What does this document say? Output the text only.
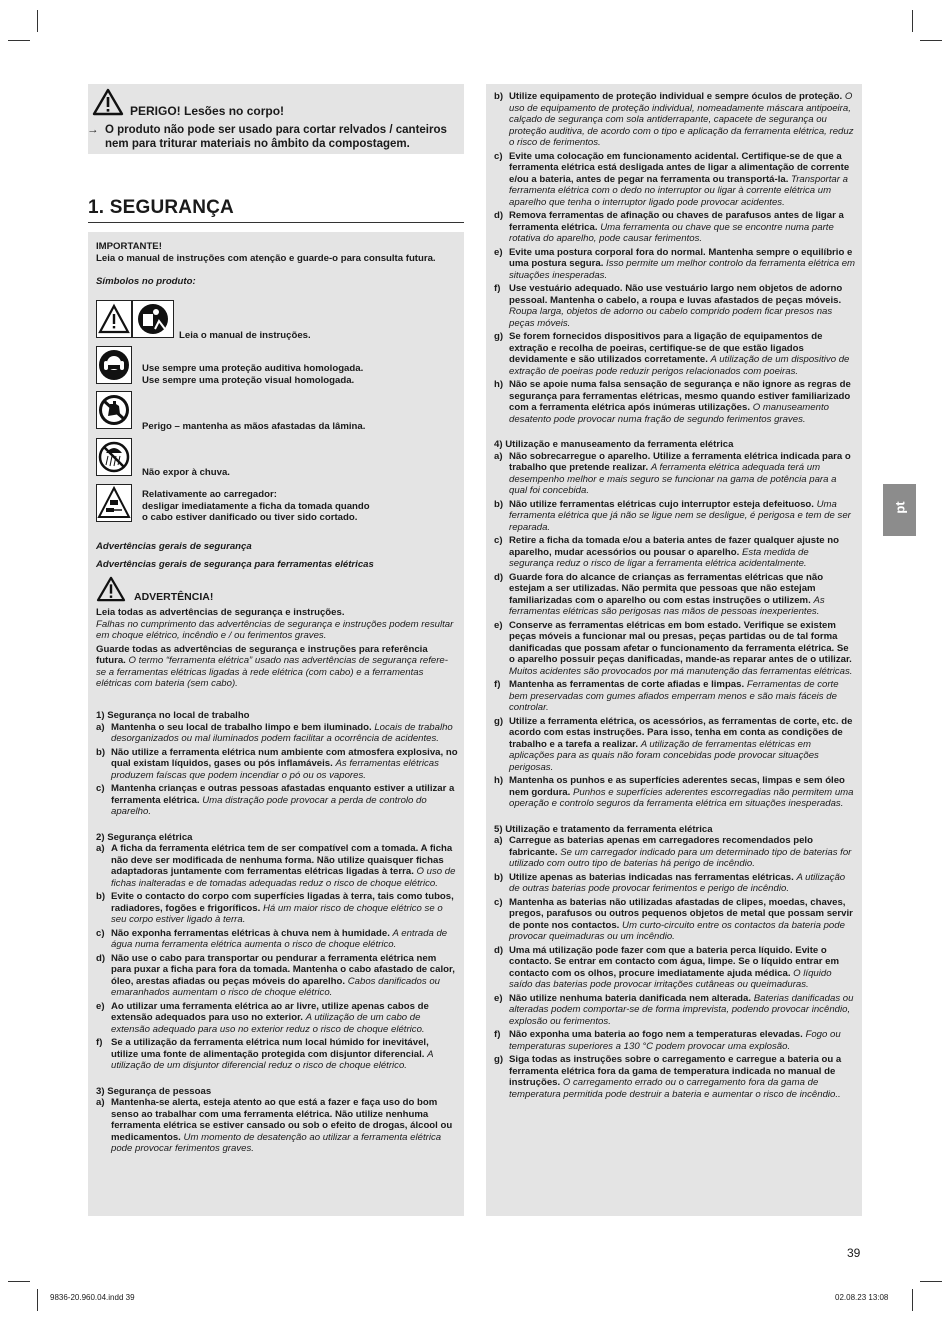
PERIGO! Lesões no corpo!
→ O produto não pode ser usado para cortar relvados / canteiros nem para triturar materiais no âmbito da compostagem.
1. SEGURANÇA

IMPORTANTE!

Leia o manual de instruções com atenção e guarde-o para consulta futura.

Símbolos no produto:

Leia o manual de instruções.
Use sempre uma proteção auditiva homologada.
Use sempre uma proteção visual homologada.
Perigo – mantenha as mãos afastadas da lâmina.
Não expor à chuva.
Relativamente ao carregador:
desligar imediatamente a ficha da tomada quando
o cabo estiver danificado ou tiver sido cortado.

Advertências gerais de segurança

Advertências gerais de segurança para ferramentas elétricas

ADVERTÊNCIA!

Leia todas as advertências de segurança e instruções.

Falhas no cumprimento das advertências de segurança e instruções podem resultar em choque elétrico, incêndio e / ou ferimentos graves.

Guarde todas as advertências de segurança e instruções para referência futura. O termo “ferramenta elétrica” usado nas advertências de segurança refere-se a ferramentas elétricas ligadas à rede elétrica (com cabo) e a ferramentas elétricas com bateria (sem cabo).

1) Segurança no local de trabalho

a) Mantenha o seu local de trabalho limpo e bem iluminado. Locais de trabalho desorganizados ou mal iluminados podem facilitar a ocorrência de acidentes.

b) Não utilize a ferramenta elétrica num ambiente com atmosfera explosiva, no qual existam líquidos, gases ou pós inflamáveis. As ferramentas elétricas produzem faíscas que podem incendiar o pó ou os vapores.

c) Mantenha crianças e outras pessoas afastadas enquanto estiver a utilizar a ferramenta elétrica. Uma distração pode provocar a perda de controlo do aparelho.

2) Segurança elétrica

a) A ficha da ferramenta elétrica tem de ser compatível com a tomada. A ficha não deve ser modificada de nenhuma forma. Não utilize quaisquer fichas adaptadoras juntamente com ferramentas elétricas ligadas à terra. O uso de fichas inalteradas e de tomadas adequadas reduz o risco de choque elétrico.

b) Evite o contacto do corpo com superfícies ligadas à terra, tais como tubos, radiadores, fogões e frigoríficos. Há um maior risco de choque elétrico se o seu corpo estiver ligado à terra.

c) Não exponha ferramentas elétricas à chuva nem à humidade. A entrada de água numa ferramenta elétrica aumenta o risco de choque elétrico.

d) Não use o cabo para transportar ou pendurar a ferramenta elétrica nem para puxar a ficha para fora da tomada. Mantenha o cabo afastado de calor, óleo, arestas afiadas ou peças móveis do aparelho. Cabos danificados ou emaranhados aumentam o risco de choque elétrico.

e) Ao utilizar uma ferramenta elétrica ao ar livre, utilize apenas cabos de extensão adequados para uso no exterior. A utilização de um cabo de extensão adequado para uso no exterior reduz o risco de choque elétrico.

f) Se a utilização da ferramenta elétrica num local húmido for inevitável, utilize uma fonte de alimentação protegida com disjuntor diferencial. A utilização de um disjuntor diferencial reduz o risco de choque elétrico.

3) Segurança de pessoas

a) Mantenha-se alerta, esteja atento ao que está a fazer e faça uso do bom senso ao trabalhar com uma ferramenta elétrica. Não utilize nenhuma ferramenta elétrica se estiver cansado ou sob o efeito de drogas, álcool ou medicamentos. Um momento de desatenção ao utilizar a ferramenta elétrica pode provocar ferimentos graves.

b) Utilize equipamento de proteção individual e sempre óculos de proteção. O uso de equipamento de proteção individual, nomeadamente máscara antipoeira, calçado de segurança com sola antiderrapante, capacete de segurança ou proteção auditiva, de acordo com o tipo e aplicação da ferramenta elétrica, reduz o risco de ferimentos.

c) Evite uma colocação em funcionamento acidental. Certifique-se de que a ferramenta elétrica está desligada antes de ligar a alimentação de corrente e/ou a bateria, antes de pegar na ferramenta ou transportá-la. Transportar a ferramenta elétrica com o dedo no interruptor ou ligar à corrente elétrica um aparelho que tenha o interruptor ligado pode provocar acidentes.

d) Remova ferramentas de afinação ou chaves de parafusos antes de ligar a ferramenta elétrica. Uma ferramenta ou chave que se encontre numa parte rotativa do aparelho, pode causar ferimentos.

e) Evite uma postura corporal fora do normal. Mantenha sempre o equilíbrio e uma postura segura. Isso permite um melhor controlo da ferramenta elétrica em situações inesperadas.

f) Use vestuário adequado. Não use vestuário largo nem objetos de adorno pessoal. Mantenha o cabelo, a roupa e luvas afastados de peças móveis. Roupa larga, objetos de adorno ou cabelo comprido podem ficar presos nas peças móveis.

g) Se forem fornecidos dispositivos para a ligação de equipamentos de extração e recolha de poeiras, certifique-se de que estão ligados devidamente e são utilizados corretamente. A utilização de um dispositivo de extração de poeiras pode reduzir perigos relacionados com poeiras.

h) Não se apoie numa falsa sensação de segurança e não ignore as regras de segurança para ferramentas elétricas, mesmo quando estiver familiarizado com a ferramenta elétrica após inúmeras utilizações. O manuseamento desatento pode provocar numa fração de segundo ferimentos graves.

4) Utilização e manuseamento da ferramenta elétrica

a) Não sobrecarregue o aparelho. Utilize a ferramenta elétrica indicada para o trabalho que pretende realizar. A ferramenta elétrica adequada terá um desempenho melhor e mais seguro se funcionar na gama de potência para a qual foi concebida.

b) Não utilize ferramentas elétricas cujo interruptor esteja defeituoso. Uma ferramenta elétrica que já não se ligue nem se desligue, é perigosa e tem de ser reparada.

c) Retire a ficha da tomada e/ou a bateria antes de fazer qualquer ajuste no aparelho, mudar acessórios ou pousar o aparelho. Esta medida de segurança reduz o risco de ligar a ferramenta elétrica acidentalmente.

d) Guarde fora do alcance de crianças as ferramentas elétricas que não estejam a ser utilizadas. Não permita que pessoas que não estejam familiarizadas com o aparelho ou com estas instruções o utilizem. As ferramentas elétricas são perigosas nas mãos de pessoas inexperientes.

e) Conserve as ferramentas elétricas em bom estado. Verifique se existem peças móveis a funcionar mal ou presas, peças partidas ou de tal forma danificadas que possam afetar o funcionamento da ferramenta elétrica. Se o aparelho possuir peças danificadas, mande-as reparar antes de o utilizar. Muitos acidentes são provocados por má manutenção das ferramentas elétricas.

f) Mantenha as ferramentas de corte afiadas e limpas. Ferramentas de corte bem preservadas com gumes afiados emperram menos e são mais fáceis de controlar.

g) Utilize a ferramenta elétrica, os acessórios, as ferramentas de corte, etc. de acordo com estas instruções. Para isso, tenha em conta as condições de trabalho e a tarefa a realizar. A utilização de ferramentas elétricas em aplicações para as quais não foram concebidas pode provocar situações perigosas.

h) Mantenha os punhos e as superfícies aderentes secas, limpas e sem óleo nem gordura. Punhos e superfícies aderentes escorregadias não permitem uma operação e controlo seguros da ferramenta elétrica em situações inesperadas.

5) Utilização e tratamento da ferramenta elétrica

a) Carregue as baterias apenas em carregadores recomendados pelo fabricante. Se um carregador indicado para um determinado tipo de baterias for utilizado com outro tipo de baterias há perigo de incêndio.

b) Utilize apenas as baterias indicadas nas ferramentas elétricas. A utilização de outras baterias pode provocar ferimentos e perigo de incêndio.

c) Mantenha as baterias não utilizadas afastadas de clipes, moedas, chaves, pregos, parafusos ou outros pequenos objetos de metal que possam servir de ponte nos contactos. Um curto-circuito entre os contactos da bateria pode provocar queimaduras ou um incêndio.

d) Uma má utilização pode fazer com que a bateria perca líquido. Evite o contacto. Se entrar em contacto com água, limpe. Se o líquido entrar em contacto com os olhos, procure imediatamente ajuda médica. O líquido saído das baterias pode provocar irritações cutâneas ou queimaduras.

e) Não utilize nenhuma bateria danificada nem alterada. Baterias danificadas ou alteradas podem comportar-se de forma imprevista, podendo provocar incêndio, explosão ou ferimentos.

f) Não exponha uma bateria ao fogo nem a temperaturas elevadas. Fogo ou temperaturas superiores a 130 °C podem provocar uma explosão.

g) Siga todas as instruções sobre o carregamento e carregue a bateria ou a ferramenta elétrica fora da gama de temperatura indicada no manual de instruções. O carregamento errado ou o carregamento fora da gama de temperatura permitida pode destruir a bateria e aumentar o risco de incêndio..

pt
39
9836-20.960.04.indd 39	02.08.23 13:08
